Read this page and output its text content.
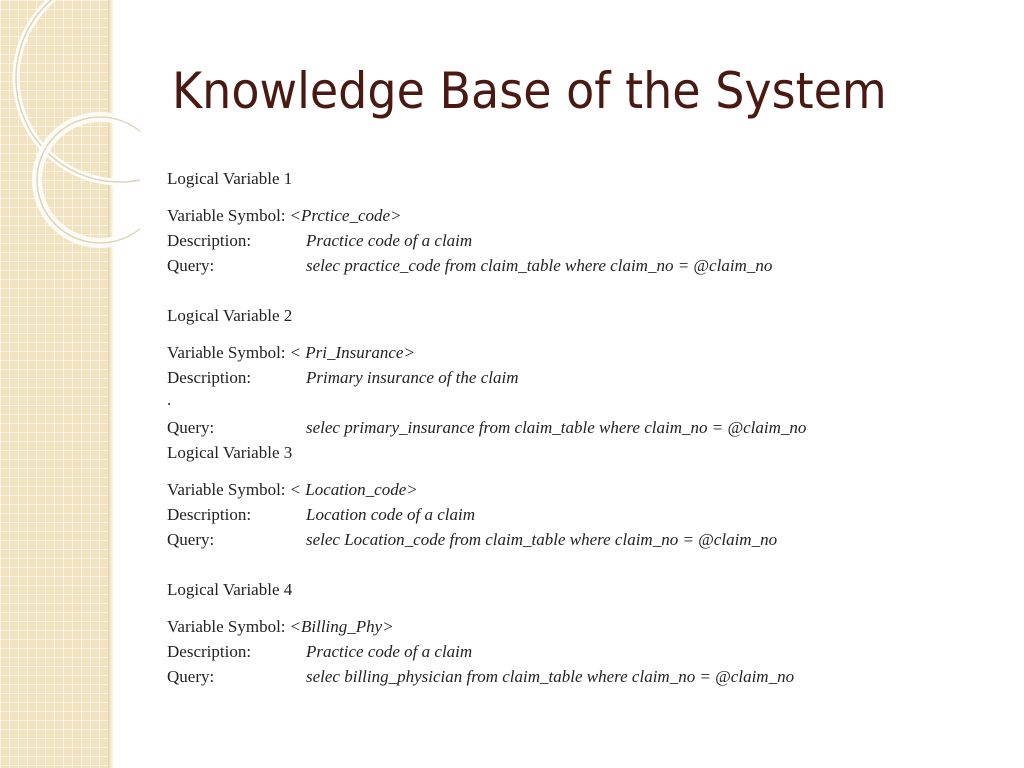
Knowledge Base of the System
Logical Variable 1
Variable Symbol: <Prctice_code>
Description:	Practice code of a claim
Query:	selec practice_code from claim_table where claim_no = @claim_no
Logical Variable 2
Variable Symbol: < Pri_Insurance>
Description:	Primary insurance of the claim
.
Query:	selec primary_insurance from claim_table where claim_no = @claim_no
Logical Variable 3
Variable Symbol: < Location_code>
Description:	Location code of a claim
Query:	selec Location_code from claim_table where claim_no = @claim_no
Logical Variable 4
Variable Symbol: <Billing_Phy>
Description:	Practice code of a claim
Query:	selec billing_physician from claim_table where claim_no = @claim_no
